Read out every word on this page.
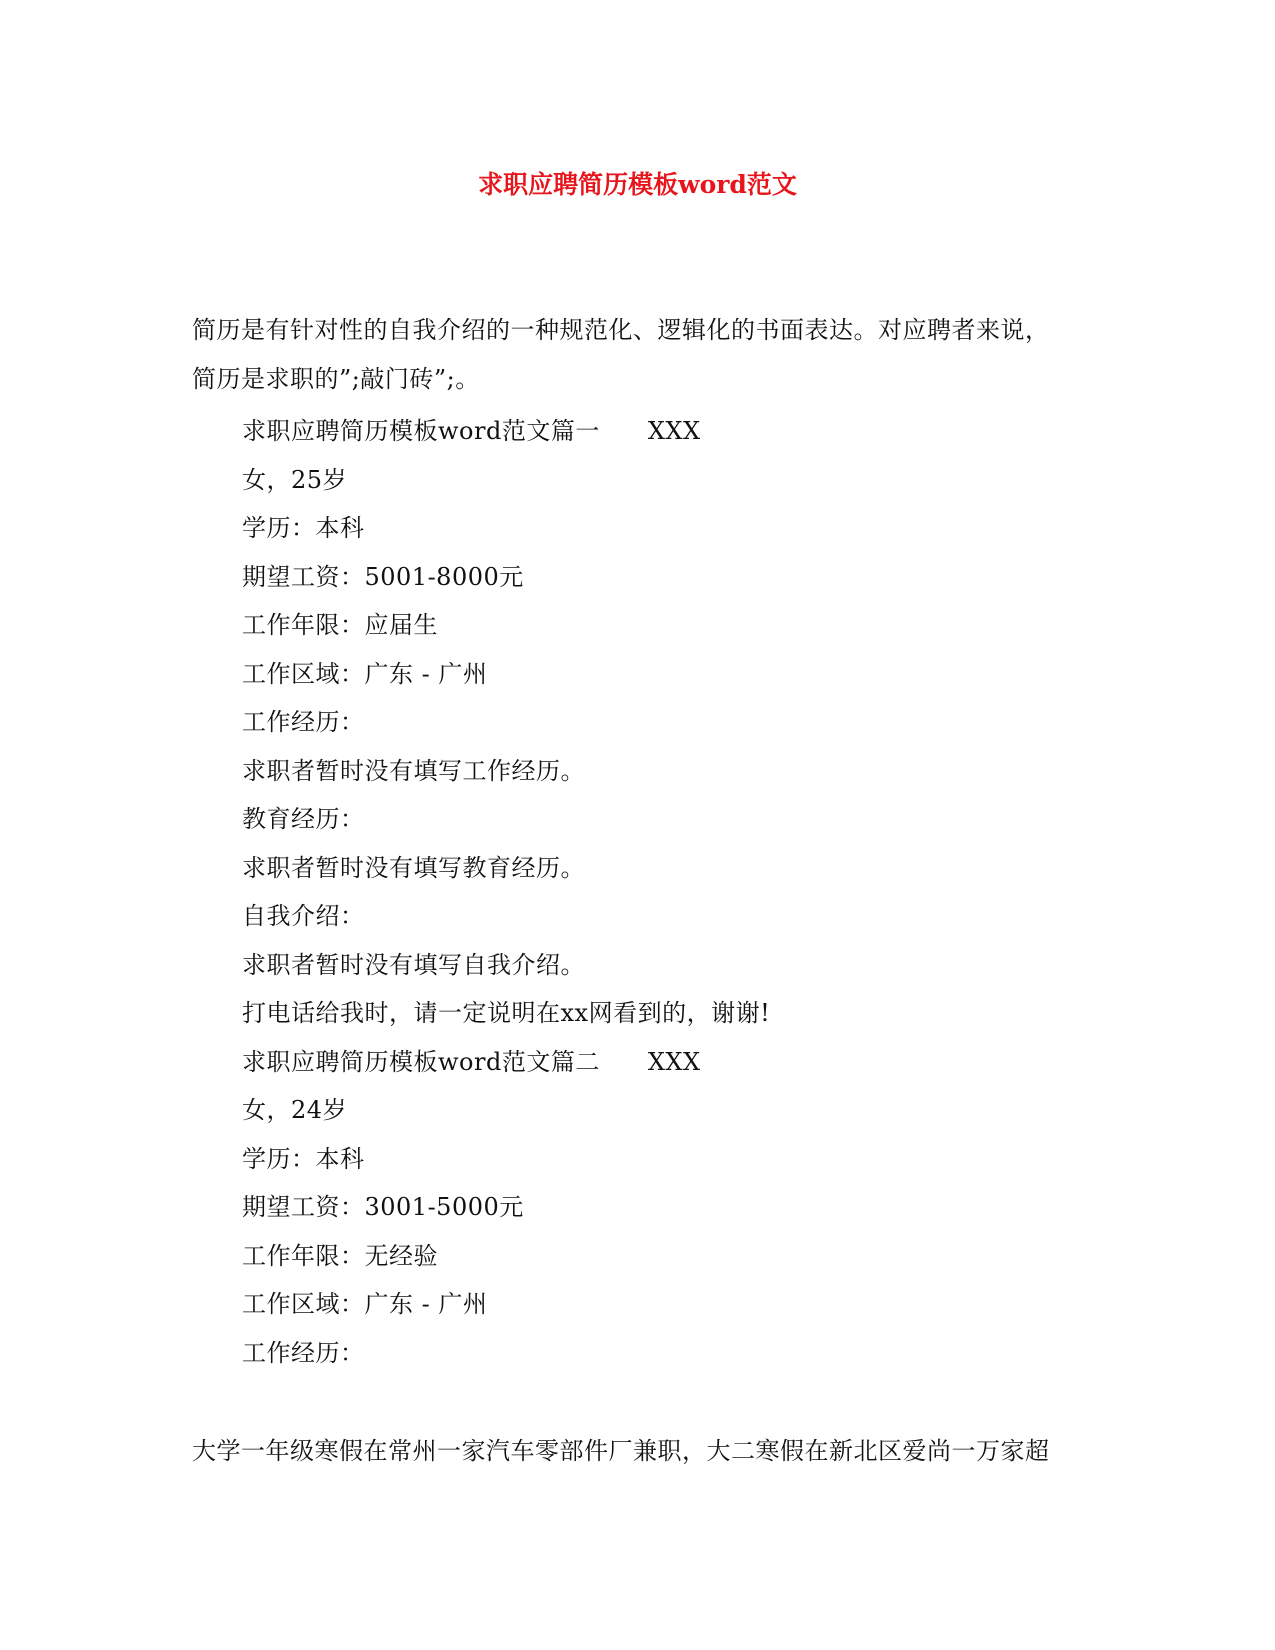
求职应聘简历模板word范文
简历是有针对性的自我介绍的一种规范化、逻辑化的书面表达。对应聘者来说，
简历是求职的”;敲门砖”;。
求职应聘简历模板word范文篇一 XXX
女，25岁
学历：本科
期望工资：5001-8000元
工作年限：应届生
工作区域：广东 - 广州
工作经历：
求职者暂时没有填写工作经历。
教育经历：
求职者暂时没有填写教育经历。
自我介绍：
求职者暂时没有填写自我介绍。
打电话给我时，请一定说明在xx网看到的，谢谢!
求职应聘简历模板word范文篇二 XXX
女，24岁
学历：本科
期望工资：3001-5000元
工作年限：无经验
工作区域：广东 - 广州
工作经历：
大学一年级寒假在常州一家汽车零部件厂兼职，大二寒假在新北区爱尚一万家超
